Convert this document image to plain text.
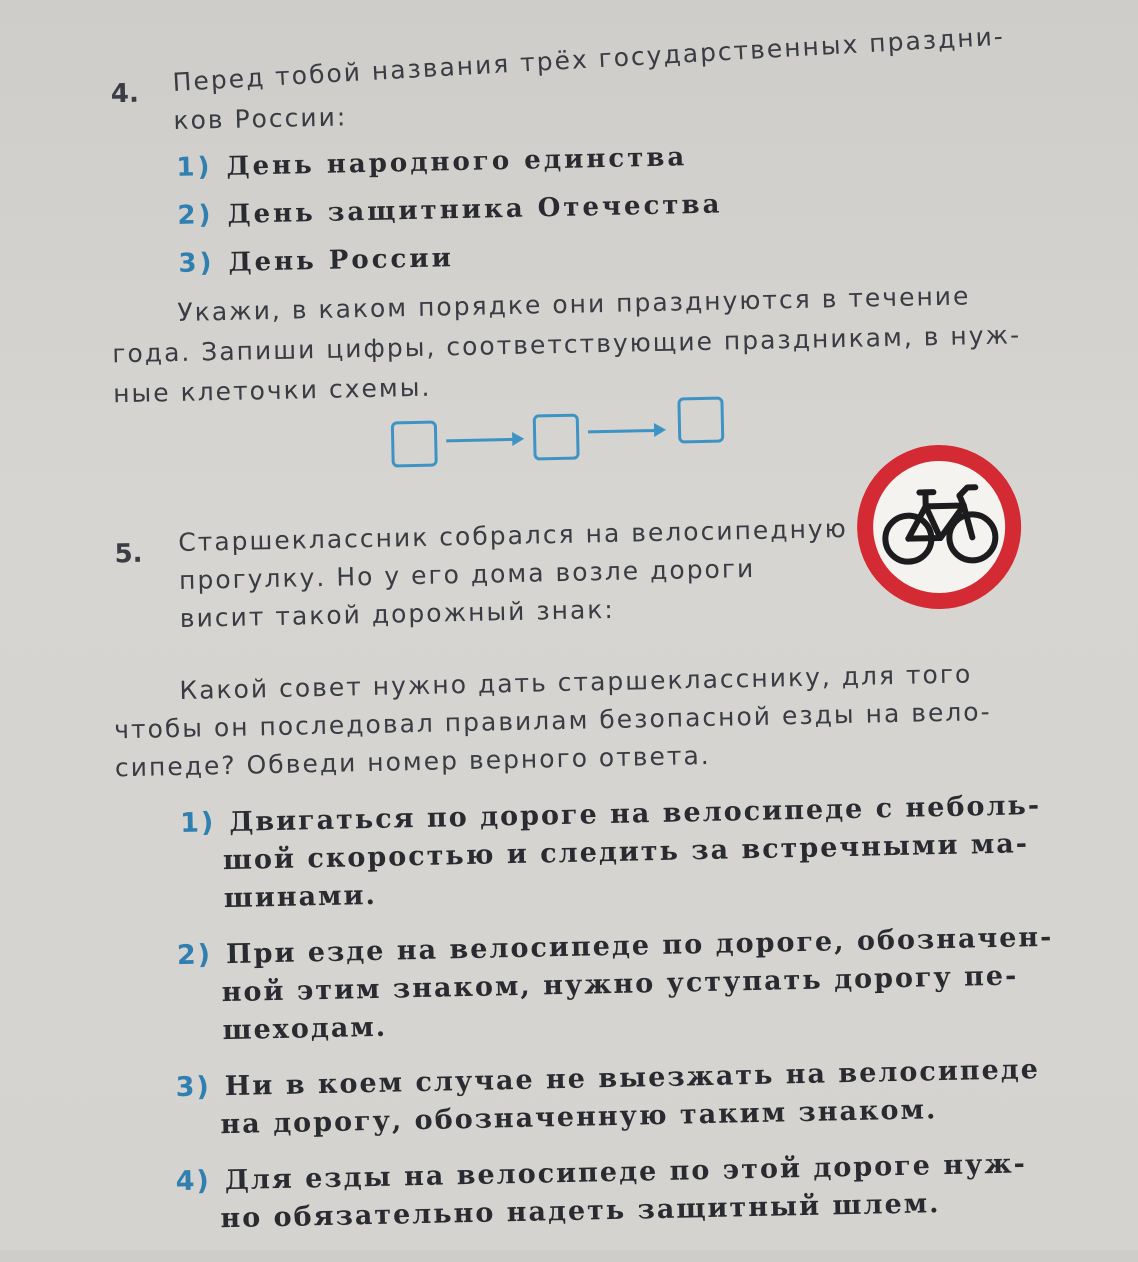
4. Перед тобой названия трёх государственных праздни-
ков России:
1) День народного единства
2) День защитника Отечества
3) День России
Укажи, в каком порядке они празднуются в течение
года. Запиши цифры, соответствующие праздникам, в нуж-
ные клеточки схемы.
5. Старшеклассник собрался на велосипедную
прогулку. Но у его дома возле дороги
висит такой дорожный знак:
Какой совет нужно дать старшекласснику, для того
чтобы он последовал правилам безопасной езды на вело-
сипеде? Обведи номер верного ответа.
1) Двигаться по дороге на велосипеде с неболь-
шой скоростью и следить за встречными ма-
шинами.
2) При езде на велосипеде по дороге, обозначен-
ной этим знаком, нужно уступать дорогу пе-
шеходам.
3) Ни в коем случае не выезжать на велосипеде
на дорогу, обозначенную таким знаком.
4) Для езды на велосипеде по этой дороге нуж-
но обязательно надеть защитный шлем.
